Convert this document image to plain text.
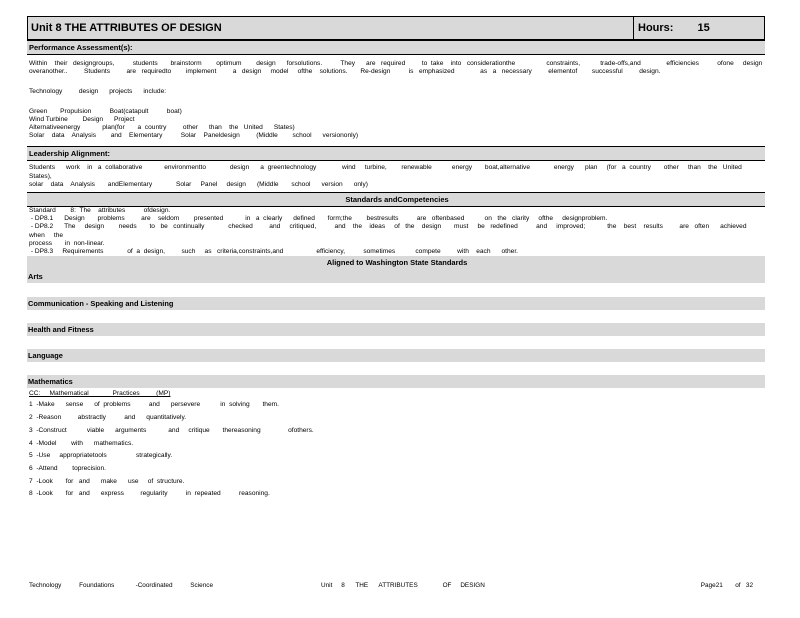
Unit 8 THE ATTRIBUTES OF DESIGN	Hours: 15
Performance Assessment(s):
Within    their   designgroups,          students       brainstorm        optimum        design      forsolutions.          They      are   required         to  take    into   considerationthe                 constraints,           trade-offs,and              efficiencies          ofone     design
overanother..         Students         are   requiredto        implement         a   design     model     ofthe    solutions.       Re-design          is   emphasized              as   a   necessary         elementof        successful         design.
Technology         design      projects      include:
Green       Propulsion          Boat(catapult          boat)
Wind Turbine        Design      Project
Alternativeenergy            plan(for       a  country         other      than    the   United      States)
Solar    data    Analysis        and    Elementary          Solar    Paneldesign         (Middle        school      versiononly)
Leadership Alignment:
Students      work    in   a  collaborative            environmentto             design      a  greentechnology              wind     turbine,        renewable           energy       boat,alternative             energy      plan     (for   a  country       other     than    the   United       States),
solar    data    Analysis       andElementary             Solar     Panel     design      (Middle       school      version      only)
Standards andCompetencies
Standard        8:  The    attributes          ofdesign.
- DP8.1      Design       problems         are    seldom        presented            in   a  clearly      defined       form;the        bestresults          are   oftenbased           on   the   clarity     ofthe     designproblem.
- DP8.2      The     design        needs       to   be   continually             checked         and     critiqued,          and    the    ideas     of   the    design       must     be   redefined          and     improved;            the    best    results         are   often      achieved            when     the
process       in  non-linear.
- DP8.3     Requirements             of  a  design,         such     as   criteria,constraints,and                  efficiency,          sometimes           compete         with    each      other.
Aligned to Washington State Standards
Arts
Communication - Speaking and Listening
Health and Fitness
Language
Mathematics
CC:     Mathematical             Practices         (MP)
1  -Make      sense      of  problems          and      persevere           in  solving       them.
2  -Reason         abstractly          and      quantitatively.
3  -Construct           viable      arguments            and     critique       thereasoning               ofothers.
4  -Model        with      mathematics.
5  -Use     appropriatetools                strategically.
6  -Attend        toprecision.
7  -Look       for   and      make      use     of  structure.
8  -Look       for   and      express         regularity          in  repeated          reasoning.
Technology          Foundations            -Coordinated          Science	Unit     8      THE      ATTRIBUTES              OF     DESIGN	Page21       of   32
